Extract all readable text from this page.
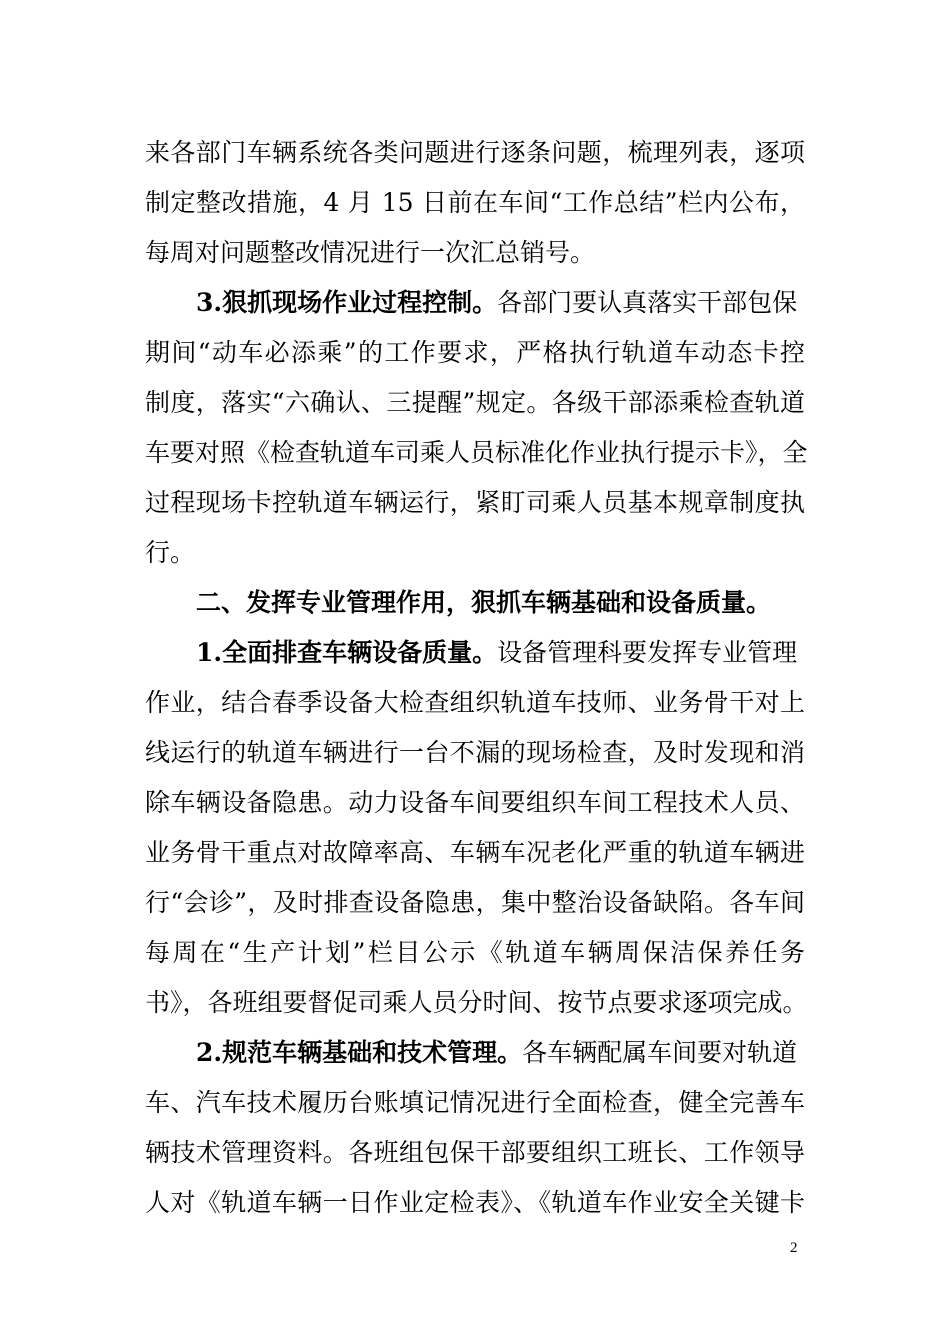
来各部门车辆系统各类问题进行逐条问题，梳理列表，逐项
制定整改措施，4 月 15 日前在车间“工作总结”栏内公布，
每周对问题整改情况进行一次汇总销号。
3.狠抓现场作业过程控制。各部门要认真落实干部包保
期间“动车必添乘”的工作要求，严格执行轨道车动态卡控
制度，落实“六确认、三提醒”规定。各级干部添乘检查轨道
车要对照《检查轨道车司乘人员标准化作业执行提示卡》，全
过程现场卡控轨道车辆运行，紧盯司乘人员基本规章制度执
行。
二、发挥专业管理作用，狠抓车辆基础和设备质量。
1.全面排查车辆设备质量。设备管理科要发挥专业管理
作业，结合春季设备大检查组织轨道车技师、业务骨干对上
线运行的轨道车辆进行一台不漏的现场检查，及时发现和消
除车辆设备隐患。动力设备车间要组织车间工程技术人员、
业务骨干重点对故障率高、车辆车况老化严重的轨道车辆进
行“会诊”，及时排查设备隐患，集中整治设备缺陷。各车间
每周在“生产计划”栏目公示《轨道车辆周保洁保养任务
书》，各班组要督促司乘人员分时间、按节点要求逐项完成。
2.规范车辆基础和技术管理。各车辆配属车间要对轨道
车、汽车技术履历台账填记情况进行全面检查，健全完善车
辆技术管理资料。各班组包保干部要组织工班长、工作领导
人对《轨道车辆一日作业定检表》、《轨道车作业安全关键卡
2
